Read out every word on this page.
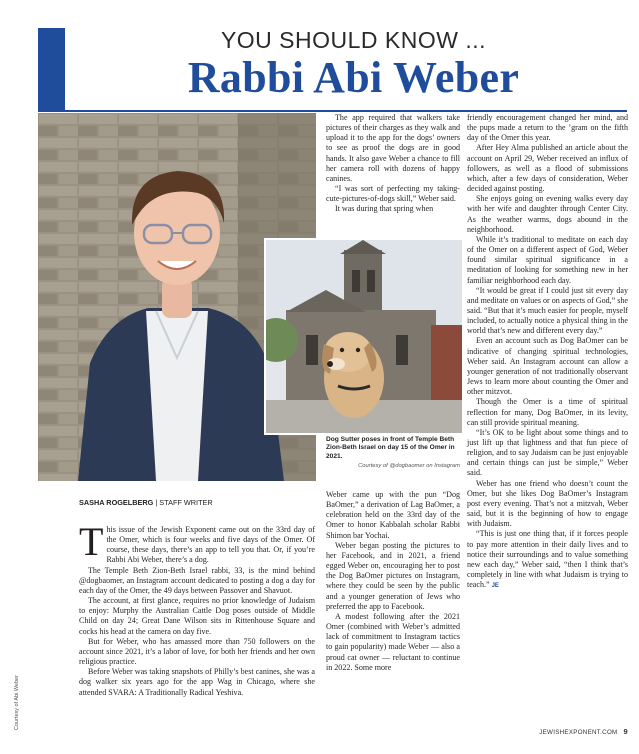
YOU SHOULD KNOW ...
Rabbi Abi Weber
Courtesy of Abi Weber
Dog Sutter poses in front of Temple Beth Zion-Beth Israel on day 15 of the Omer in 2021.
Courtesy of @dogbaomer on Instagram
SASHA ROGELBERG | STAFF WRITER

This issue of the Jewish Exponent came out on the 33rd day of the Omer, which is four weeks and five days of the Omer. Of course, these days, there’s an app to tell you that. Or, if you’re Rabbi Abi Weber, there’s a dog.

The Temple Beth Zion-Beth Israel rabbi, 33, is the mind behind @dogbaomer, an Instagram account dedicated to posting a dog a day for each day of the Omer, the 49 days between Passover and Shavuot.

The account, at first glance, requires no prior knowledge of Judaism to enjoy: Murphy the Australian Cattle Dog poses outside of Middle Child on day 24; Great Dane Wilson sits in Rittenhouse Square and cocks his head at the camera on day five.

But for Weber, who has amassed more than 750 followers on the account since 2021, it’s a labor of love, for both her friends and her own religious practice.

Before Weber was taking snapshots of Philly’s best canines, she was a dog walker six years ago for the app Wag in Chicago, where she attended SVARA: A Traditionally Radical Yeshiva.

The app required that walkers take pictures of their charges as they walk and upload it to the app for the dogs’ owners to see as proof the dogs are in good hands. It also gave Weber a chance to fill her camera roll with dozens of happy canines.

“I was sort of perfecting my taking-cute-pictures-of-dogs skill,” Weber said.

It was during that spring when

Weber came up with the pun “Dog BaOmer,” a derivation of Lag BaOmer, a celebration held on the 33rd day of the Omer to honor Kabbalah scholar Rabbi Shimon bar Yochai.

Weber began posting the pictures to her Facebook, and in 2021, a friend egged Weber on, encouraging her to post the Dog BaOmer pictures on Instagram, where they could be seen by the public and a younger generation of Jews who preferred the app to Facebook.

A modest following after the 2021 Omer (combined with Weber’s admitted lack of commitment to Instagram tactics to gain popularity) made Weber — also a proud cat owner — reluctant to continue in 2022. Some more

friendly encouragement changed her mind, and the pups made a return to the ’gram on the fifth day of the Omer this year.

After Hey Alma published an article about the account on April 29, Weber received an influx of followers, as well as a flood of submissions which, after a few days of consideration, Weber decided against posting.

She enjoys going on evening walks every day with her wife and daughter through Center City. As the weather warms, dogs abound in the neighborhood.

While it’s traditional to meditate on each day of the Omer on a different aspect of God, Weber found similar spiritual significance in a meditation of looking for something new in her familiar neighborhood each day.

“It would be great if I could just sit every day and meditate on values or on aspects of God,” she said. “But that it’s much easier for people, myself included, to actually notice a physical thing in the world that’s new and different every day.”

Even an account such as Dog BaOmer can be indicative of changing spiritual technologies, Weber said. An Instagram account can allow a younger generation of not traditionally observant Jews to learn more about counting the Omer and other mitzvot.

Though the Omer is a time of spiritual reflection for many, Dog BaOmer, in its levity, can still provide spiritual meaning.

“It’s OK to be light about some things and to just lift up that lightness and that fun piece of religion, and to say Judaism can be just enjoyable and certain things can just be simple,” Weber said.

Weber has one friend who doesn’t count the Omer, but she likes Dog BaOmer’s Instagram post every evening. That’s not a mitzvah, Weber said, but it is the beginning of how to engage with Judaism.

“This is just one thing that, if it forces people to pay more attention in their daily lives and to notice their surroundings and to value something new each day,” Weber said, “then I think that’s completely in line with what Judaism is trying to teach.” JE

JEWISHEXPONENT.COM 9
